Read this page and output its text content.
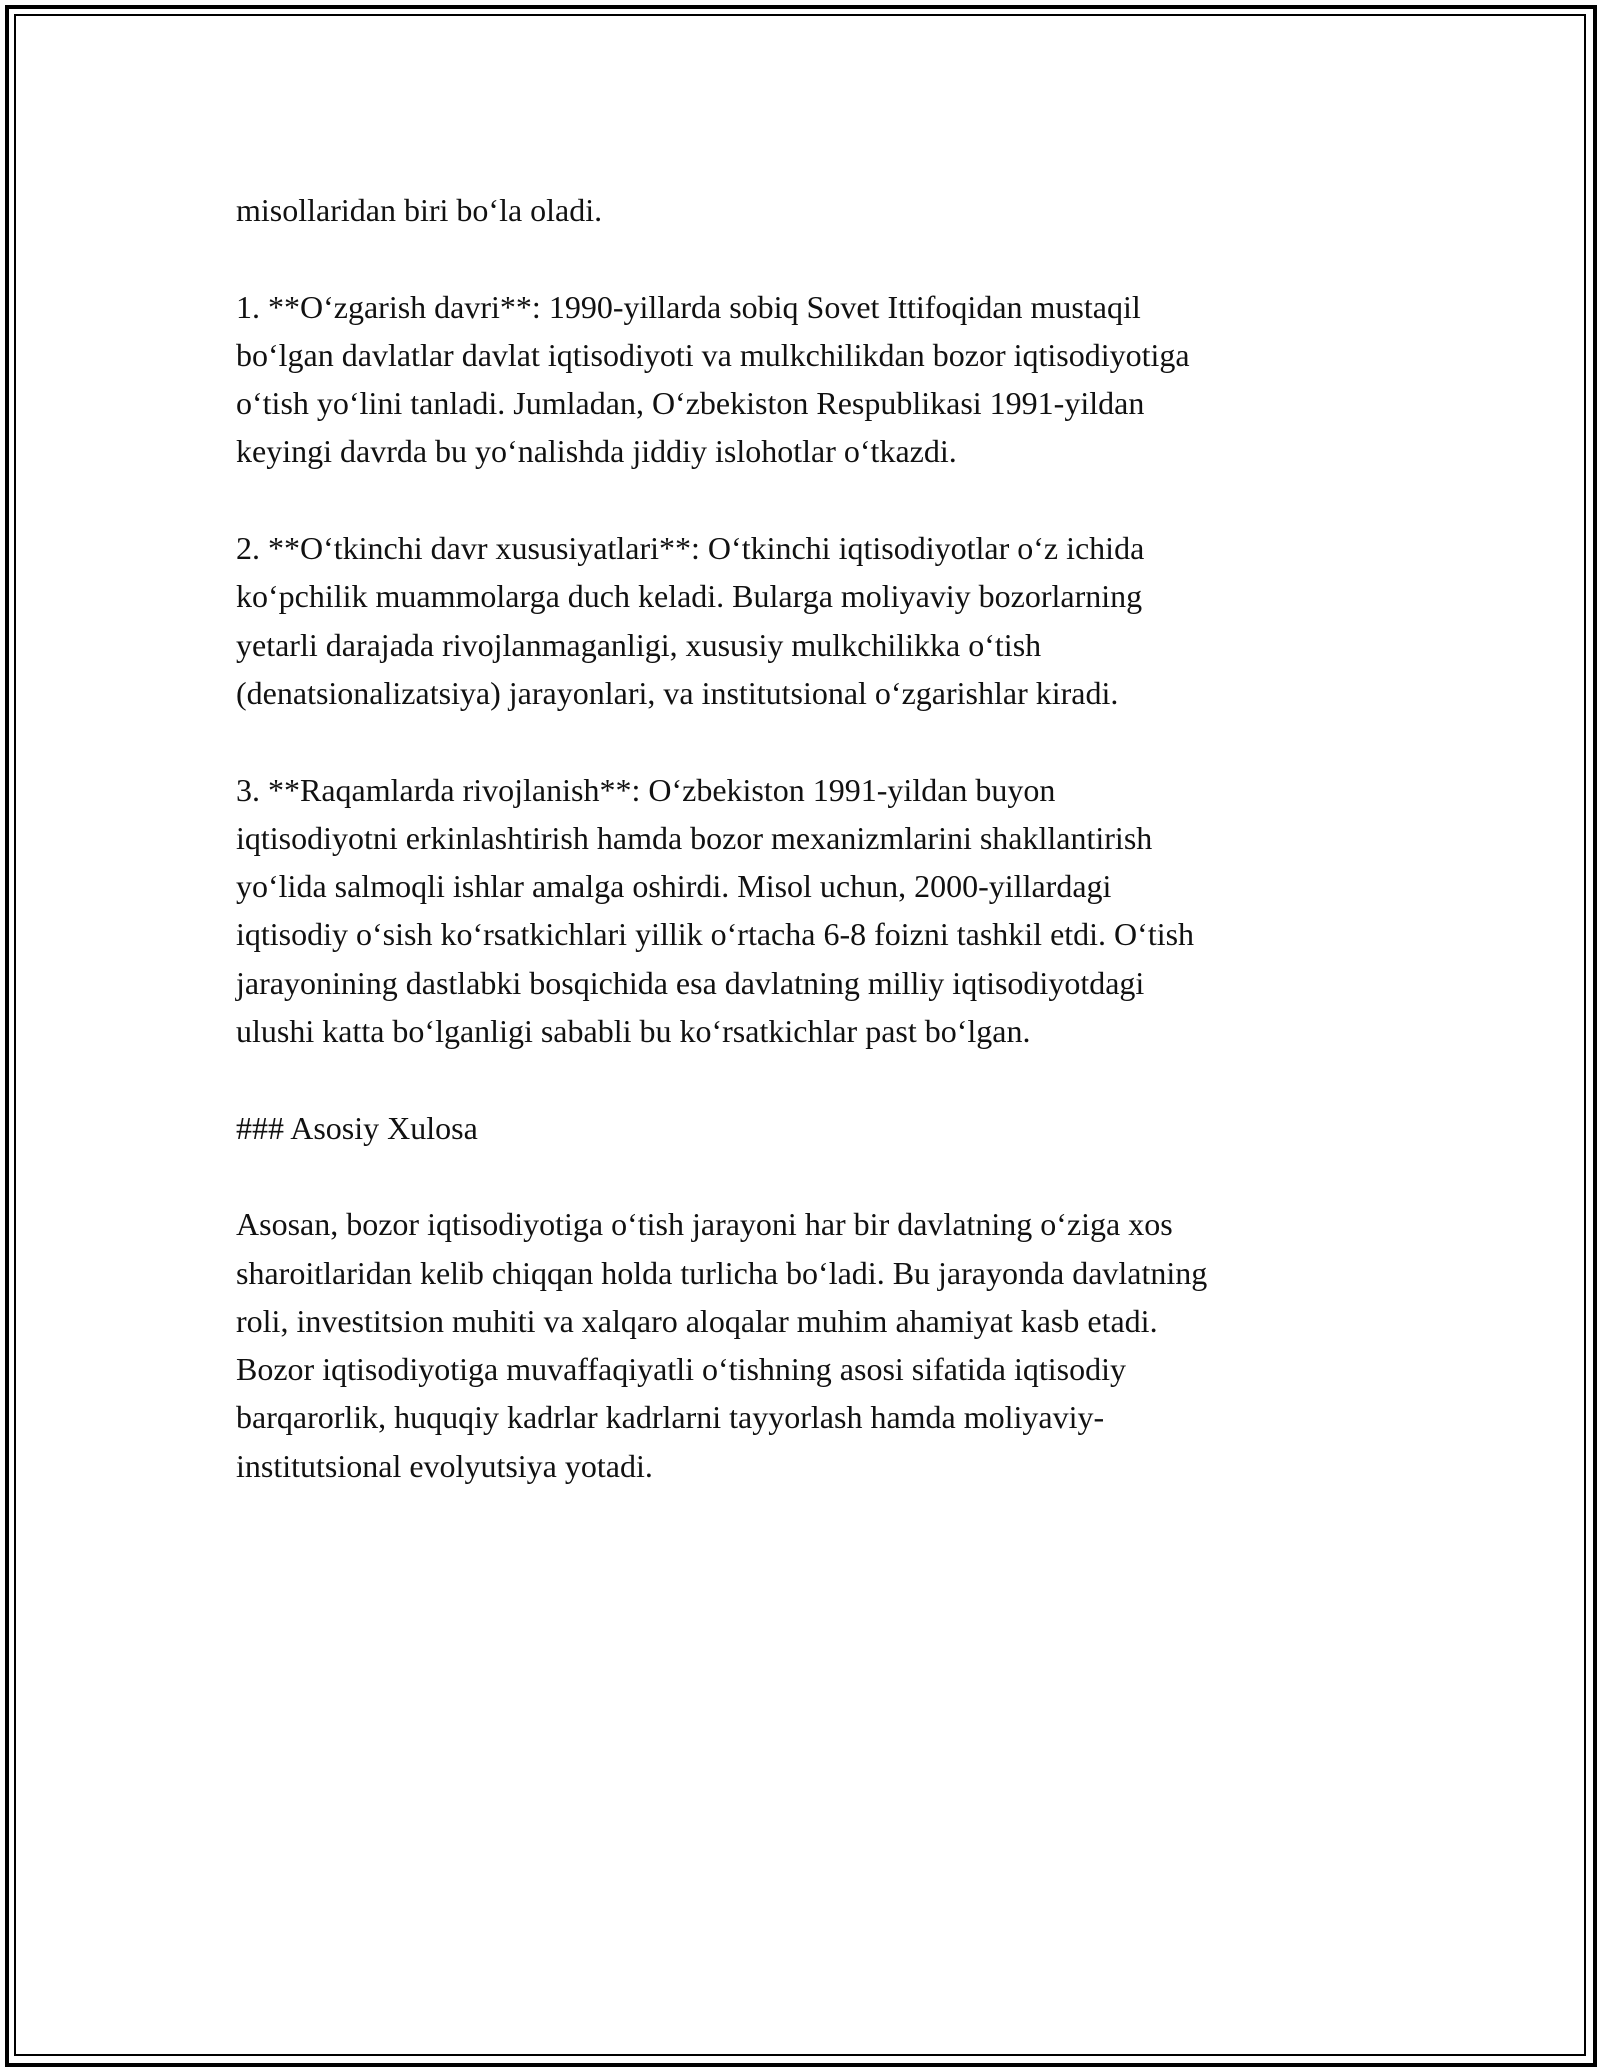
misollaridan biri bo‘la oladi.

1. **O‘zgarish davri**: 1990-yillarda sobiq Sovet Ittifoqidan mustaqil
bo‘lgan davlatlar davlat iqtisodiyoti va mulkchilikdan bozor iqtisodiyotiga
o‘tish yo‘lini tanladi. Jumladan, O‘zbekiston Respublikasi 1991-yildan
keyingi davrda bu yo‘nalishda jiddiy islohotlar o‘tkazdi.

2. **O‘tkinchi davr xususiyatlari**: O‘tkinchi iqtisodiyotlar o‘z ichida
ko‘pchilik muammolarga duch keladi. Bularga moliyaviy bozorlarning
yetarli darajada rivojlanmaganligi, xususiy mulkchilikka o‘tish
(denatsionalizatsiya) jarayonlari, va institutsional o‘zgarishlar kiradi.

3. **Raqamlarda rivojlanish**: O‘zbekiston 1991-yildan buyon
iqtisodiyotni erkinlashtirish hamda bozor mexanizmlarini shakllantirish
yo‘lida salmoqli ishlar amalga oshirdi. Misol uchun, 2000-yillardagi
iqtisodiy o‘sish ko‘rsatkichlari yillik o‘rtacha 6-8 foizni tashkil etdi. O‘tish
jarayonining dastlabki bosqichida esa davlatning milliy iqtisodiyotdagi
ulushi katta bo‘lganligi sababli bu ko‘rsatkichlar past bo‘lgan.

### Asosiy Xulosa

Asosan, bozor iqtisodiyotiga o‘tish jarayoni har bir davlatning o‘ziga xos
sharoitlaridan kelib chiqqan holda turlicha bo‘ladi. Bu jarayonda davlatning
roli, investitsion muhiti va xalqaro aloqalar muhim ahamiyat kasb etadi.
Bozor iqtisodiyotiga muvaffaqiyatli o‘tishning asosi sifatida iqtisodiy
barqarorlik, huquqiy kadrlar kadrlarni tayyorlash hamda moliyaviy-
institutsional evolyutsiya yotadi.
